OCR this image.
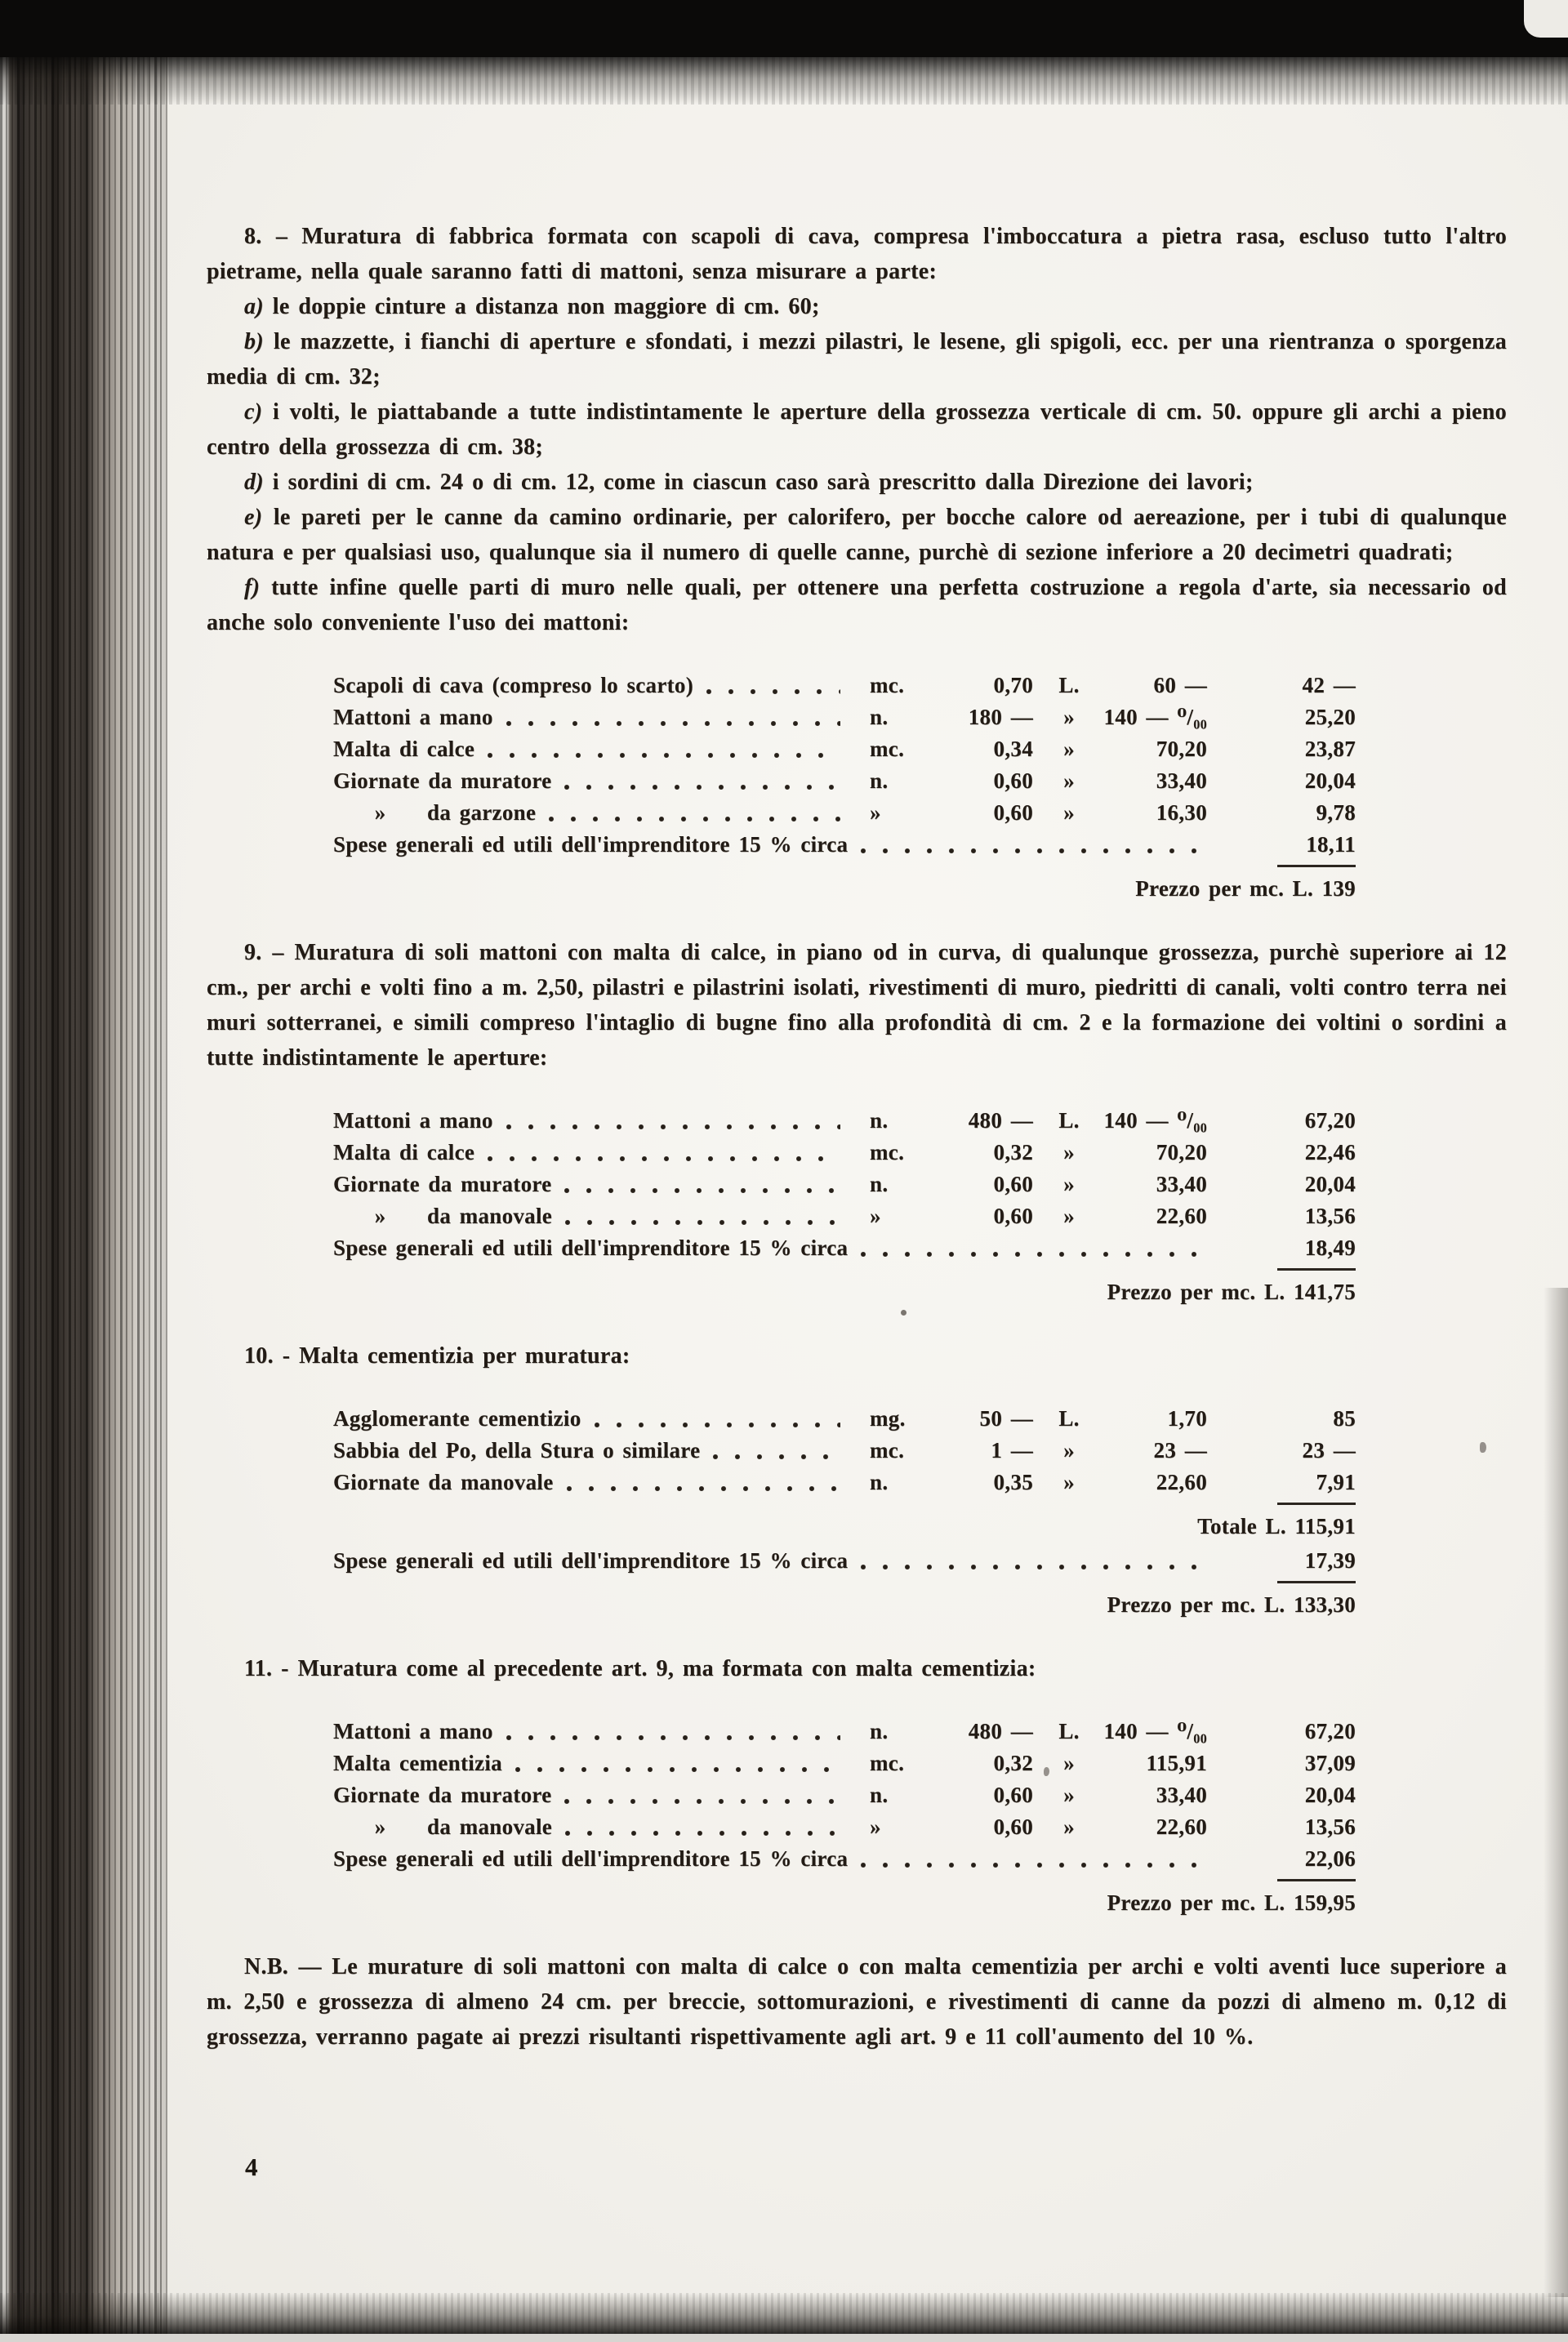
8. – Muratura di fabbrica formata con scapoli di cava, compresa l'imboccatura a pietra rasa, escluso tutto l'altro pietrame, nella quale saranno fatti di mattoni, senza misurare a parte:

a) le doppie cinture a distanza non maggiore di cm. 60;

b) le mazzette, i fianchi di aperture e sfondati, i mezzi pilastri, le lesene, gli spigoli, ecc. per una rientranza o sporgenza media di cm. 32;

c) i volti, le piattabande a tutte indistintamente le aperture della grossezza verticale di cm. 50. oppure gli archi a pieno centro della grossezza di cm. 38;

d) i sordini di cm. 24 o di cm. 12, come in ciascun caso sarà prescritto dalla Direzione dei lavori;

e) le pareti per le canne da camino ordinarie, per calorifero, per bocche calore od aereazione, per i tubi di qualunque natura e per qualsiasi uso, qualunque sia il numero di quelle canne, purchè di sezione inferiore a 20 decimetri quadrati;

f) tutte infine quelle parti di muro nelle quali, per ottenere una perfetta costruzione a regola d'arte, sia necessario od anche solo conveniente l'uso dei mattoni:

Scapoli di cava (compreso lo scarto)	mc.	0,70	L.	60 —	42 —
Mattoni a mano	n.	180 —	»	140 — ⁰/₀₀	25,20
Malta di calce	mc.	0,34	»	70,20	23,87
Giornate da muratore	n.	0,60	»	33,40	20,04
»	da garzone	»	0,60	»	16,30	9,78
Spese generali ed utili dell'imprenditore 15 % circa	18,11
Prezzo per mc. L. 139

9. – Muratura di soli mattoni con malta di calce, in piano od in curva, di qualunque grossezza, purchè superiore ai 12 cm., per archi e volti fino a m. 2,50, pilastri e pilastrini isolati, rivestimenti di muro, piedritti di canali, volti contro terra nei muri sotterranei, e simili compreso l'intaglio di bugne fino alla profondità di cm. 2 e la formazione dei voltini o sordini a tutte indistintamente le aperture:

Mattoni a mano	n.	480 —	L.	140 — ⁰/₀₀	67,20
Malta di calce	mc.	0,32	»	70,20	22,46
Giornate da muratore	n.	0,60	»	33,40	20,04
»	da manovale	»	0,60	»	22,60	13,56
Spese generali ed utili dell'imprenditore 15 % circa	18,49
Prezzo per mc. L. 141,75

10. - Malta cementizia per muratura:

Agglomerante cementizio	mg.	50 —	L.	1,70	85
Sabbia del Po, della Stura o similare	mc.	1 —	»	23 —	23 —
Giornate da manovale	n.	0,35	»	22,60	7,91
Totale L. 115,91
Spese generali ed utili dell'imprenditore 15 % circa	17,39
Prezzo per mc. L. 133,30

11. - Muratura come al precedente art. 9, ma formata con malta cementizia:

Mattoni a mano	n.	480 —	L.	140 — ⁰/₀₀	67,20
Malta cementizia	mc.	0,32	»	115,91	37,09
Giornate da muratore	n.	0,60	»	33,40	20,04
»	da manovale	»	0,60	»	22,60	13,56
Spese generali ed utili dell'imprenditore 15 % circa	22,06
Prezzo per mc. L. 159,95

N.B. — Le murature di soli mattoni con malta di calce o con malta cementizia per archi e volti aventi luce superiore a m. 2,50 e grossezza di almeno 24 cm. per breccie, sottomurazioni, e rivestimenti di canne da pozzi di almeno m. 0,12 di grossezza, verranno pagate ai prezzi risultanti rispettivamente agli art. 9 e 11 coll'aumento del 10 %.

4
